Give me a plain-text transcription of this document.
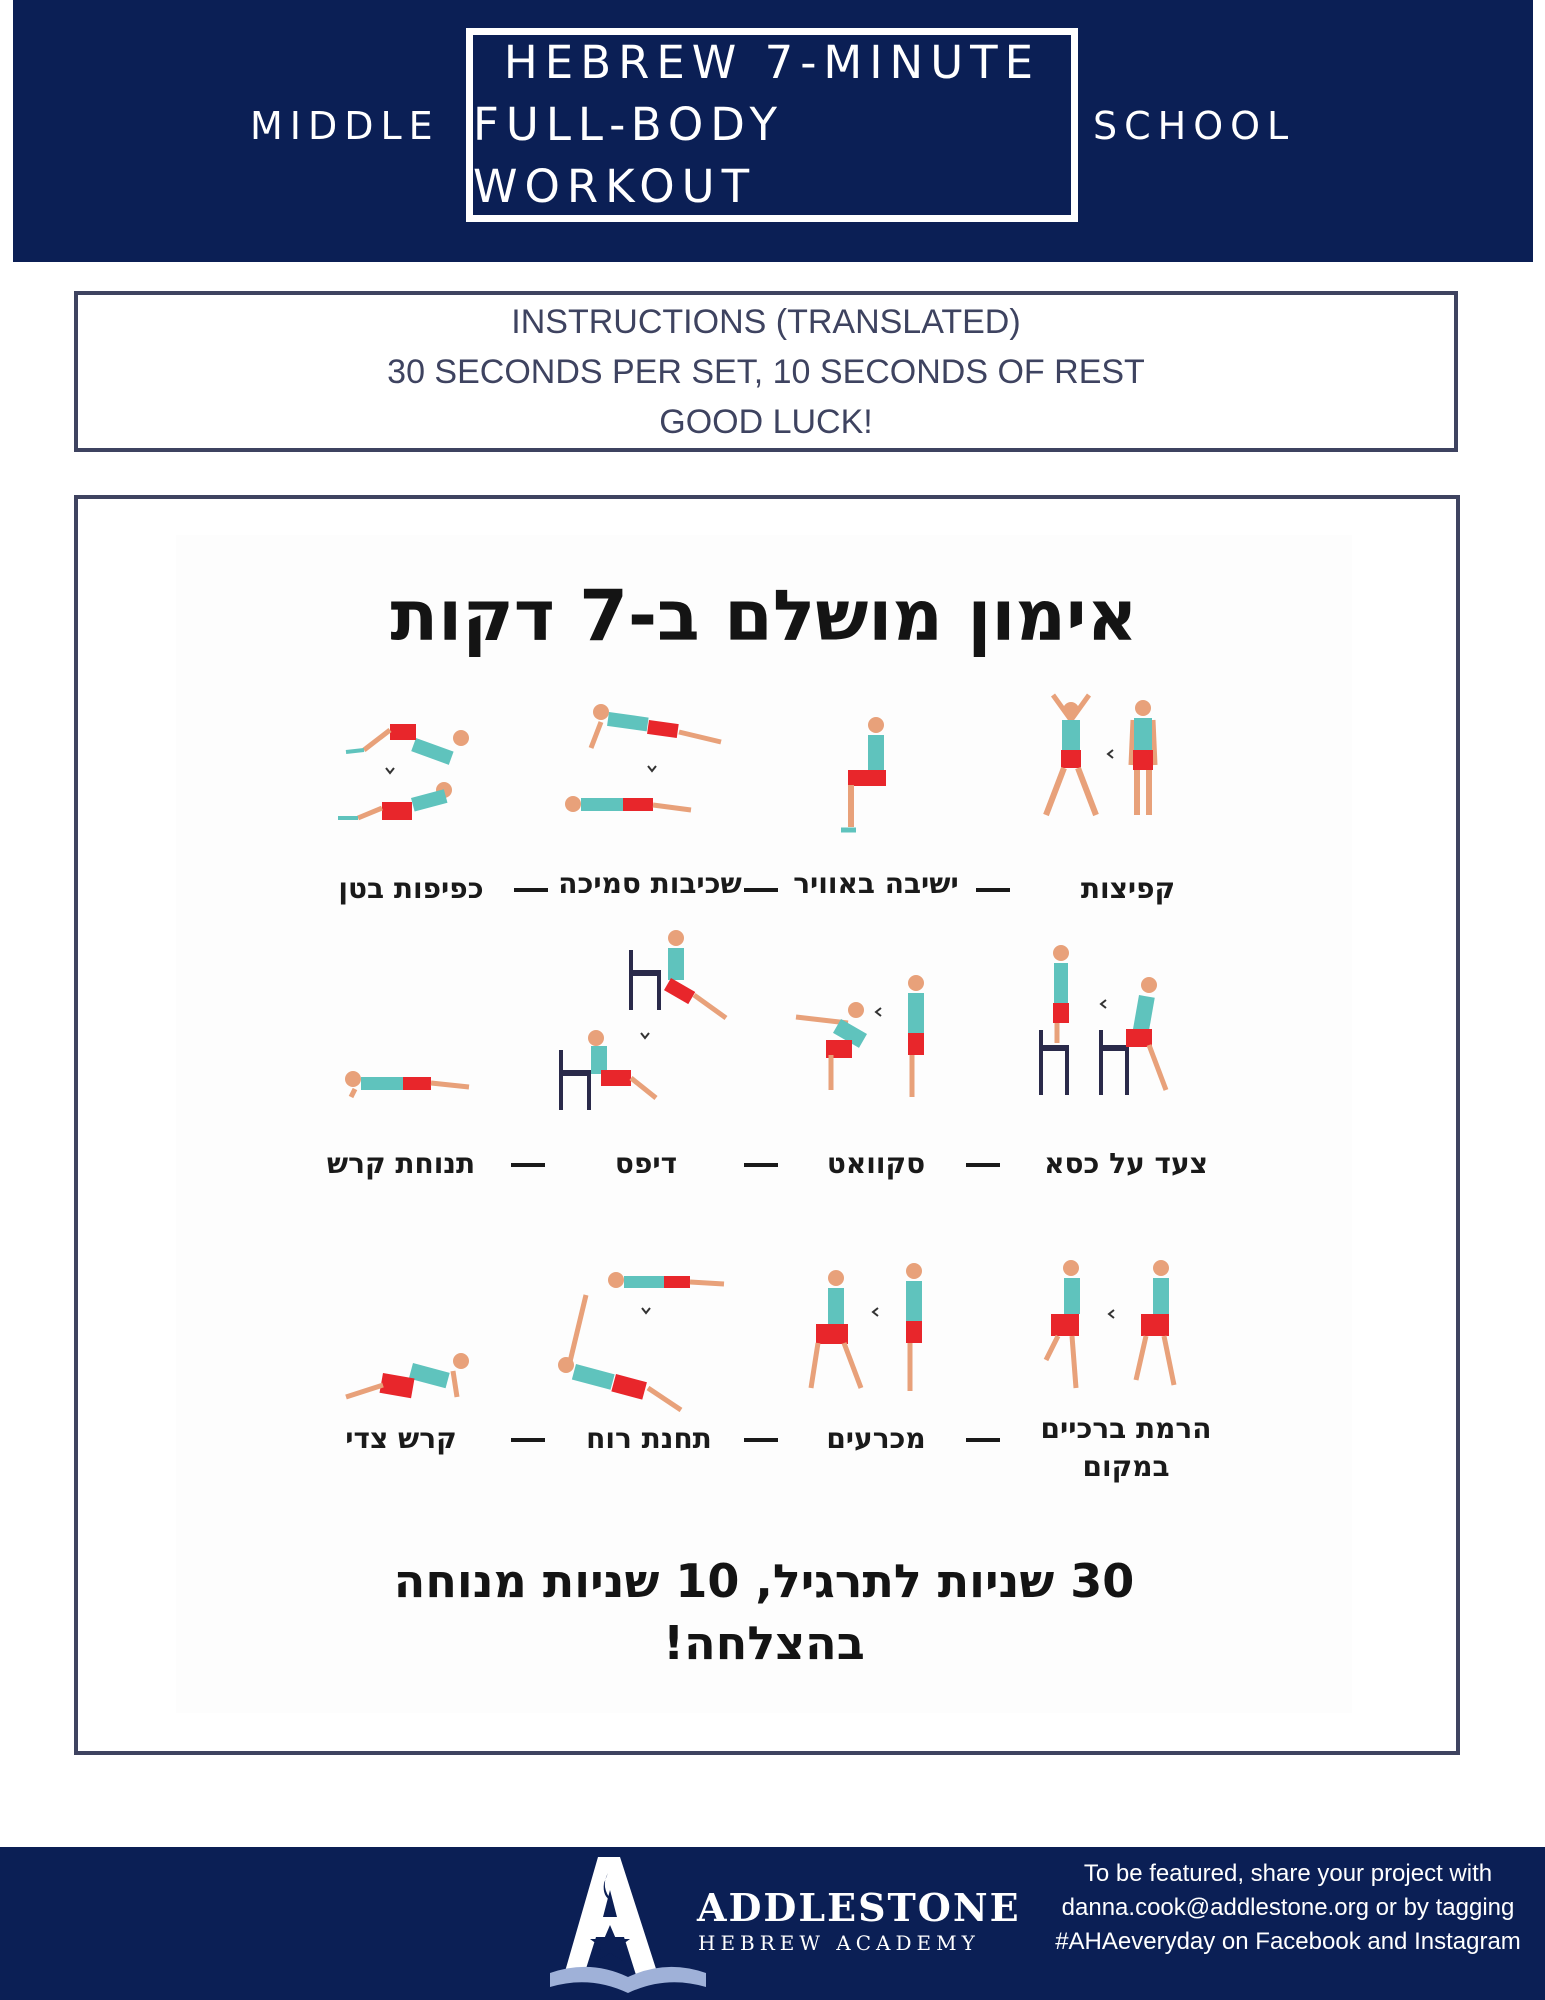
MIDDLE
HEBREW 7-MINUTE
FULL-BODY WORKOUT
SCHOOL
INSTRUCTIONS (TRANSLATED)
30 SECONDS PER SET, 10 SECONDS OF REST
GOOD LUCK!
אימון מושלם ב-7 דקות
קפיצות
ישיבה באוויר
שכיבות סמיכה
כפיפות בטן
צעד על כסא
סקוואט
דיפס
תנוחת קרש
הרמת ברכיים במקום
מכרעים
תחנת רוח
קרש צדי
30 שניות לתרגיל, 10 שניות מנוחה
בהצלחה!
ADDLESTONE
HEBREW ACADEMY
To be featured, share your project with danna.cook@addlestone.org or by tagging #AHAeveryday on Facebook and Instagram
